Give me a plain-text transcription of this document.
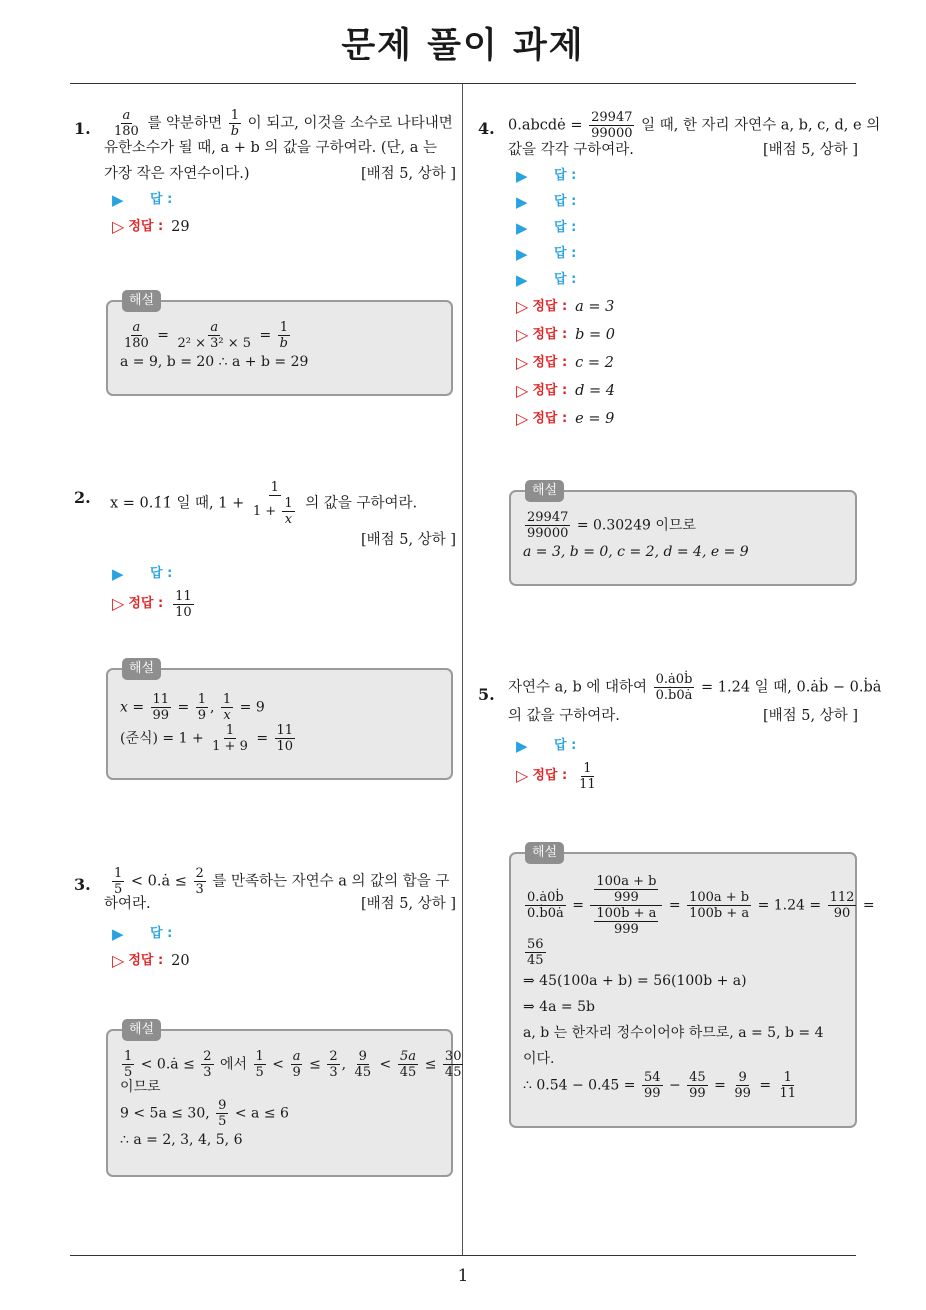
문제 풀이 과제
1
1. $\frac{a}{180}$ 를 약분하면 $\frac{1}{b}$ 이 되고, 이것을 소수로 나타내면
유한소수가 될 때, a + b 의 값을 구하여라. (단, a 는
가장 작은 자연수이다.)	[배점 5, 상하 ]
▶	답 :
▷ 정답 : 29
해설
$\frac{a}{180} = \frac{a}{\text{2² × 3² × 5}} = \frac{1}{b}$
a = 9, b = 20 ∴ a + b = 29
2. x = 0.1̇1̇ 일 때, 1 + 1
1 +
$\frac{1}{x}$ 의 값을 구하여라.
[배점 5, 상하 ]
▶	답 :
▷ 정답 : $\frac{11}{10}$
해설
$x = \frac{11}{99} = \frac{1}{9}$ , $\frac{1}{x} = 9$
(준식) = $1 + \frac{1}{1 + 9} = \frac{11}{10}$
3. $\frac{1}{5}$ < 0.ȧ ≤ $\frac{2}{3}$ 를 만족하는 자연수 a 의 값의 합을 구
하여라.	[배점 5, 상하 ]
▶	답 :
▷ 정답 : 20
해설
$\frac{1}{5}$ < 0.ȧ ≤ $\frac{2}{3}$ 에서 $\frac{1}{5} < \frac{a}{9} \le \frac{2}{3}$ , $\frac{9}{45} < \frac{5a}{45} \le \frac{30}{45}$
이므로
9 < 5a ≤ 30, $\frac{9}{5} < a \le 6$
∴ a = 2, 3, 4, 5, 6
4. 0.abcdė = $\frac{29947}{99000}$ 일 때, 한 자리 자연수 a, b, c, d, e 의
값을 각각 구하여라.	[배점 5, 상하 ]
▶	답 :
▶	답 :
▶	답 :
▶	답 :
▶	답 :
▷ 정답 : a = 3
▷ 정답 : b = 0
▷ 정답 : c = 2
▷ 정답 : d = 4
▷ 정답 : e = 9
해설
$\frac{29947}{99000}$ = 0.3024̇9̇ 이므로
a = 3, b = 0, c = 2, d = 4, e = 9
5. 자연수 a, b 에 대하여 $\frac{\text{0.ȧ0ḃ}}{\text{0.ḃ0ȧ}}$ = 1.24̇ 일 때, 0.ȧḃ − 0.ḃȧ
의 값을 구하여라.	[배점 5, 상하 ]
▶	답 :
▷ 정답 : $\frac{1}{11}$
해설
$\frac{\text{0.ȧ0ḃ}}{\text{0.ḃ0ȧ}} = \frac{\frac{100a + b}{999}}{\frac{100b + a}{999}} = \frac{100a + b}{100b + a}$ = 1.24̇ = $\frac{112}{90}$ =
$\frac{56}{45}$
⇒ 45(100a + b) = 56(100b + a)
⇒ 4a = 5b
a, b 는 한자리 정수이어야 하므로, a = 5, b = 4
이다.
∴ 0.5̇4̇ − 0.4̇5̇ = $\frac{54}{99} - \frac{45}{99} = \frac{9}{99} = \frac{1}{11}$
